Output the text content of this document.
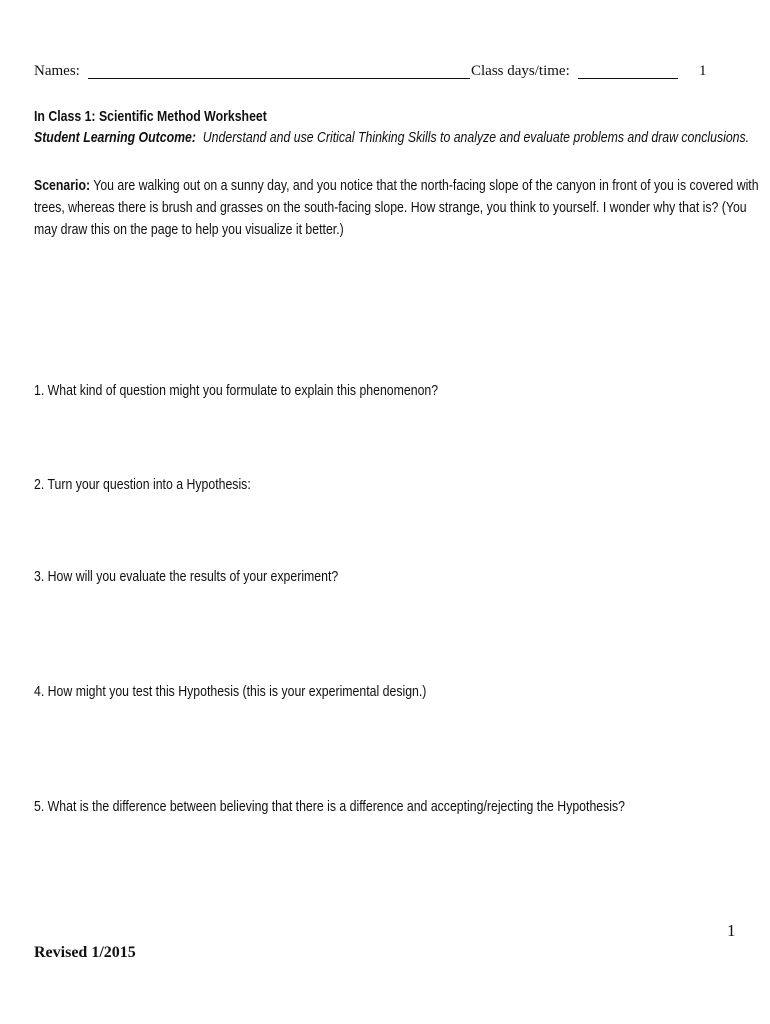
Names:	Class days/time:	1
In Class 1: Scientific Method Worksheet
Student Learning Outcome: Understand and use Critical Thinking Skills to analyze and evaluate problems and draw conclusions.
Scenario: You are walking out on a sunny day, and you notice that the north-facing slope of the canyon in front of you is covered with
trees, whereas there is brush and grasses on the south-facing slope. How strange, you think to yourself. I wonder why that is? (You
may draw this on the page to help you visualize it better.)
1. What kind of question might you formulate to explain this phenomenon?
2. Turn your question into a Hypothesis:
3. How will you evaluate the results of your experiment?
4. How might you test this Hypothesis (this is your experimental design.)
5. What is the difference between believing that there is a difference and accepting/rejecting the Hypothesis?
1
Revised 1/2015
